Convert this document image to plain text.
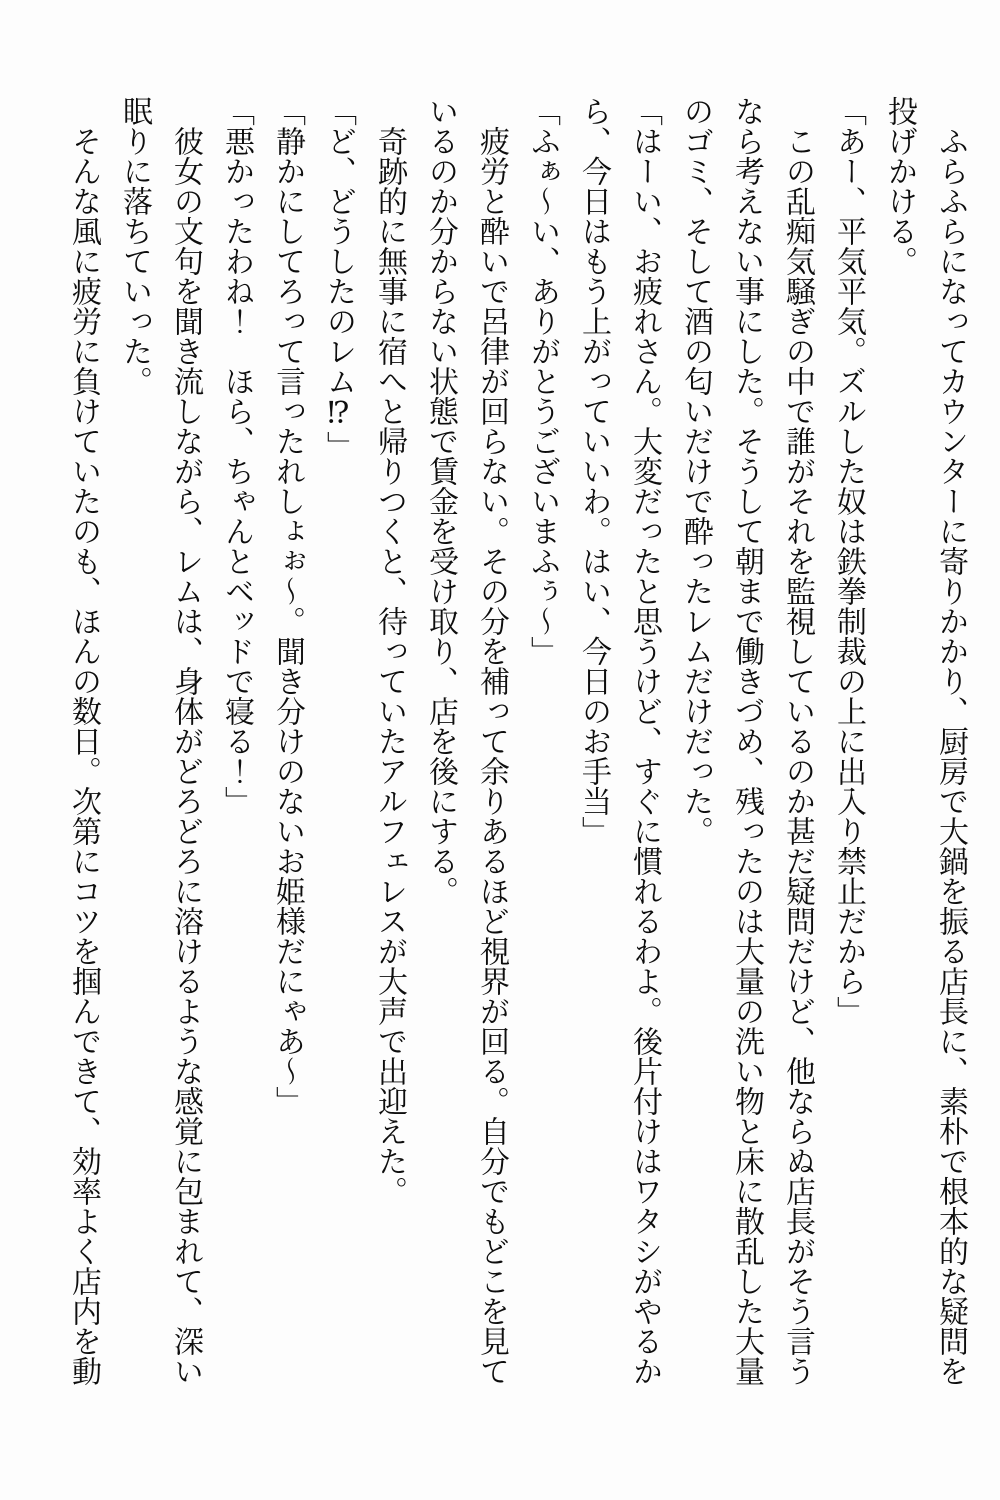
ふらふらになってカウンターに寄りかかり、厨房で大鍋を振る店長に、素朴で根本的な疑問を投げかける。

「あー、平気平気。ズルした奴は鉄拳制裁の上に出入り禁止だから」

この乱痴気騒ぎの中で誰がそれを監視しているのか甚だ疑問だけど、他ならぬ店長がそう言うなら考えない事にした。そうして朝まで働きづめ、残ったのは大量の洗い物と床に散乱した大量のゴミ、そして酒の匂いだけで酔ったレムだけだった。

「はーい、お疲れさん。大変だったと思うけど、すぐに慣れるわよ。後片付けはワタシがやるから、今日はもう上がっていいわ。はい、今日のお手当」

「ふぁ～い、ありがとうございまふぅ～」

疲労と酔いで呂律が回らない。その分を補って余りあるほど視界が回る。自分でもどこを見ているのか分からない状態で賃金を受け取り、店を後にする。

奇跡的に無事に宿へと帰りつくと、待っていたアルフェレスが大声で出迎えた。

「ど、どうしたのレム⁉」

「静かにしてろって言ったれしょぉ～。聞き分けのないお姫様だにゃあ～」

「悪かったわね！　ほら、ちゃんとベッドで寝る！」

彼女の文句を聞き流しながら、レムは、身体がどろどろに溶けるような感覚に包まれて、深い眠りに落ちていった。

そんな風に疲労に負けていたのも、ほんの数日。次第にコツを掴んできて、効率よく店内を動
